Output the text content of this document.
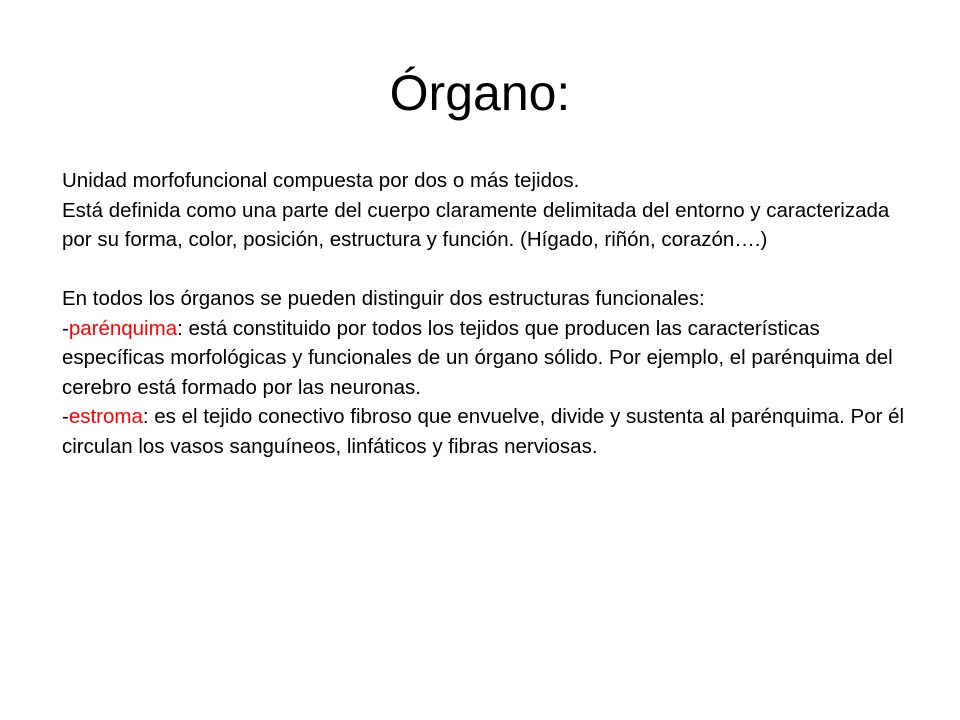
Órgano:

Unidad morfofuncional compuesta por dos o más tejidos.

Está definida como una parte del cuerpo claramente delimitada del entorno y caracterizada por su forma, color, posición, estructura y función. (Hígado, riñón, corazón….)

En todos los órganos se pueden distinguir dos estructuras funcionales:

-parénquima: está constituido por todos los tejidos que producen las características específicas morfológicas y funcionales de un órgano sólido. Por ejemplo, el parénquima del cerebro está formado por las neuronas.

-estroma: es el tejido conectivo fibroso que envuelve, divide y sustenta al parénquima. Por él circulan los vasos sanguíneos, linfáticos y fibras nerviosas.
